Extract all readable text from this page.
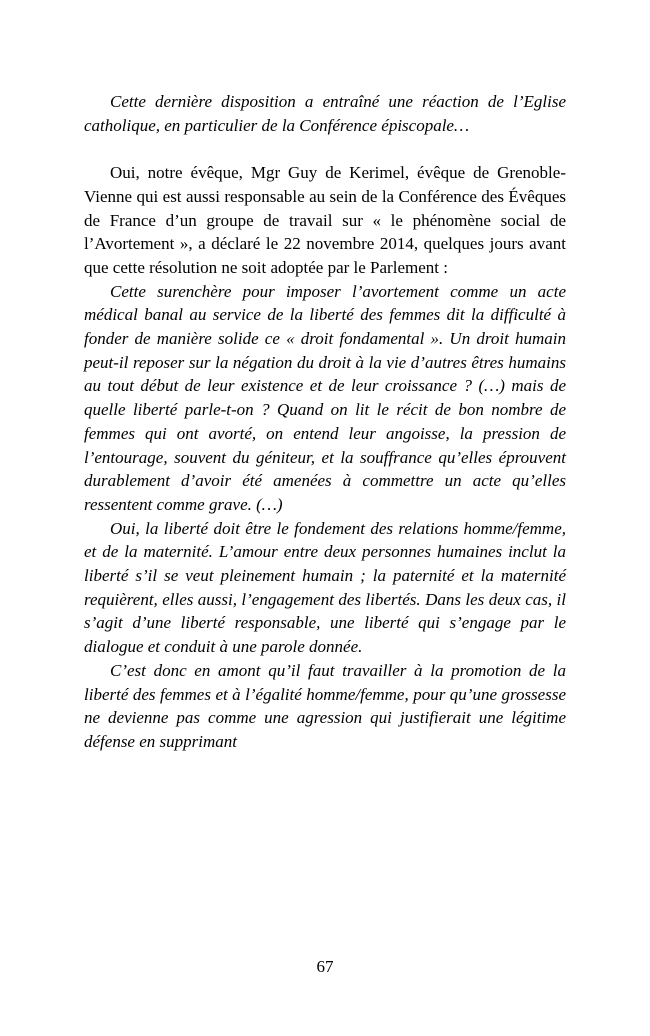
Cette dernière disposition a entraîné une réaction de l’Eglise catholique, en particulier de la Conférence épiscopale…

Oui, notre évêque, Mgr Guy de Kerimel, évêque de Grenoble-Vienne qui est aussi responsable au sein de la Conférence des Évêques de France d’un groupe de travail sur « le phénomène social de l’Avortement », a déclaré le 22 novembre 2014, quelques jours avant que cette résolution ne soit adoptée par le Parlement :

Cette surenchère pour imposer l’avortement comme un acte médical banal au service de la liberté des femmes dit la difficulté à fonder de manière solide ce « droit fondamental ». Un droit humain peut-il reposer sur la négation du droit à la vie d’autres êtres humains au tout début de leur existence et de leur croissance ? (…) mais de quelle liberté parle-t-on ? Quand on lit le récit de bon nombre de femmes qui ont avorté, on entend leur angoisse, la pression de l’entourage, souvent du géniteur, et la souffrance qu’elles éprouvent durablement d’avoir été amenées à commettre un acte qu’elles ressentent comme grave. (…)

Oui, la liberté doit être le fondement des relations homme/femme, et de la maternité. L’amour entre deux personnes humaines inclut la liberté s’il se veut pleinement humain ; la paternité et la maternité requièrent, elles aussi, l’engagement des libertés. Dans les deux cas, il s’agit d’une liberté responsable, une liberté qui s’engage par le dialogue et conduit à une parole donnée.

C’est donc en amont qu’il faut travailler à la promotion de la liberté des femmes et à l’égalité homme/femme, pour qu’une grossesse ne devienne pas comme une agression qui justifierait une légitime défense en supprimant

67
